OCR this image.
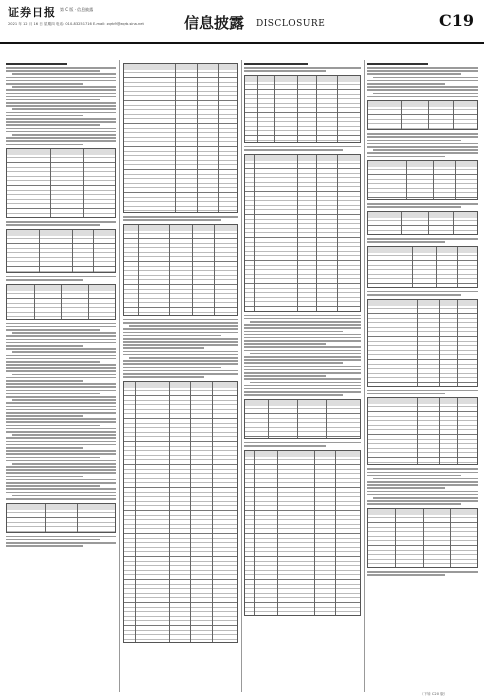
证券日报 第 C 版 · 信息披露
2021 年 12 月 16 日 星期四 电话: 010-83251716 E-mail: zqrb9@zqrb.sina.net	信息披露 DISCLOSURE	C19
（下转 C20 版）
